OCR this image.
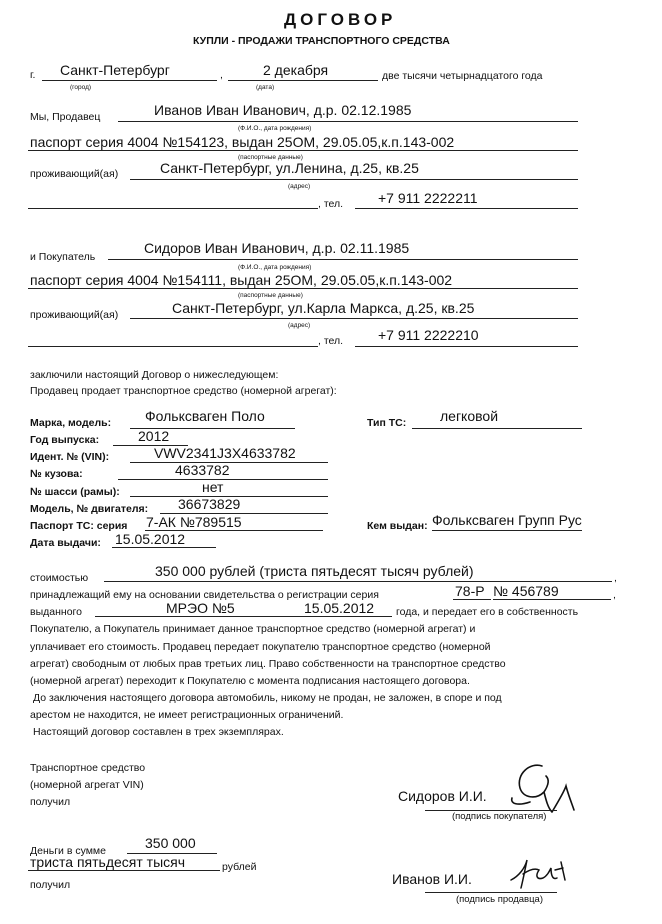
ДОГОВОР
КУПЛИ - ПРОДАЖИ ТРАНСПОРТНОГО СРЕДСТВА
г. Санкт-Петербург
(город)
,	2 декабря
(дата)
две тысячи четырнадцатого года
Мы, Продавец	Иванов Иван Иванович, д.р. 02.12.1985
(Ф.И.О., дата рождения)
паспорт серия 4004 №154123, выдан 25ОМ, 29.05.05,к.п.143-002
(паспортные данные)
проживающий(ая)	Санкт-Петербург, ул.Ленина, д.25, кв.25
(адрес)
, тел. +7 911 2222211
и Покупатель
Сидоров Иван Иванович, д.р. 02.11.1985
(Ф.И.О., дата рождения)
паспорт серия 4004 №154111, выдан 25ОМ, 29.05.05,к.п.143-002
(паспортные данные)
проживающий(ая)	Санкт-Петербург, ул.Карла Маркса, д.25, кв.25
(адрес)
, тел. +7 911 2222210
заключили настоящий Договор о нижеследующем:
Продавец продает транспортное средство (номерной агрегат):
Марка, модель: Фольксваген Поло	Тип ТС: легковой
Год выпуска:	2012
Идент. № (VIN):	VWV2341J3X4633782
№ кузова:	4633782
№ шасси (рамы):	нет
Модель, № двигателя: 36673829
Паспорт ТС: серия 7-АК №789515	Кем выдан: Фольксваген Групп Рус
Дата выдачи: 15.05.2012
стоимостью	350 000 рублей (триста пятьдесят тысяч рублей)	,
принадлежащий ему на основании свидетельства о регистрации серия	78-Р № 456789	,
выданного	МРЭО №5	15.05.2012 года, и передает его в собственность
Покупателю, а Покупатель принимает данное транспортное средство (номерной агрегат) и
уплачивает его стоимость. Продавец передает покупателю транспортное средство (номерной
агрегат) свободным от любых прав третьих лиц. Право собственности на транспортное средство
(номерной агрегат) переходит к Покупателю с момента подписания настоящего договора.
До заключения настоящего договора автомобиль, никому не продан, не заложен, в споре и под
арестом не находится, не имеет регистрационных ограничений.
Настоящий договор составлен в трех экземплярах.
Транспортное средство
(номерной агрегат VIN)
получил	Сидоров И.И.
(подпись покупателя)
Деньги в сумме	350 000
триста пятьдесят тысяч	рублей
получил	Иванов И.И.
(подпись продавца)
